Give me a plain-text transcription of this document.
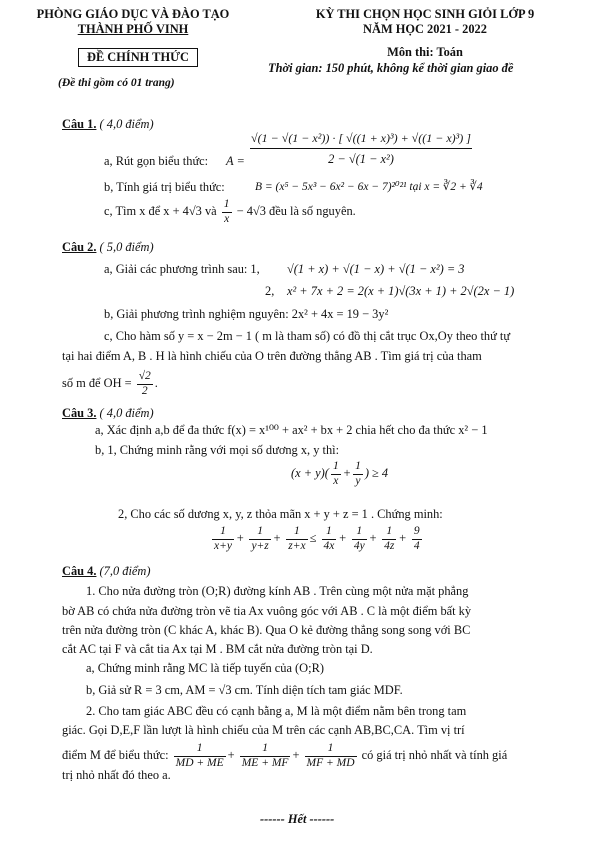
PHÒNG GIÁO DỤC VÀ ĐÀO TẠO
THÀNH PHỐ VINH
ĐỀ CHÍNH THỨC
(Đề thi gồm có 01 trang)
KỲ THI CHỌN HỌC SINH GIỎI LỚP 9
NĂM HỌC 2021 - 2022
Môn thi: Toán
Thời gian: 150 phút, không kể thời gian giao đề
Câu 1. ( 4,0 điểm)
a, Rút gọn biểu thức: $A = \frac{\text{√(1 − √(1 − x²)) · [ √((1 + x)³) + √((1 − x)³) ]}}{\text{2 − √(1 − x²)}}$
b, Tính giá trị biểu thức:	B = (x⁵ − 5x³ − 6x² − 6x − 7)²⁰²¹ tại x = ∛2 + ∛4
c, Tìm x để x + 4√3 và $\frac{1}{x} - 4√3$ đều là số nguyên.
Câu 2. ( 5,0 điểm)
a, Giải các phương trình sau: 1, √(1 + x) + √(1 − x) + √(1 − x²) = 3
2, x² + 7x + 2 = 2(x + 1)√(3x + 1) + 2√(2x − 1)
b, Giải phương trình nghiệm nguyên: 2x² + 4x = 19 − 3y²
c, Cho hàm số y = x − 2m − 1 ( m là tham số) có đồ thị cắt trục Ox,Oy theo thứ tự
tại hai điểm A, B . H là hình chiếu của O trên đường thẳng AB . Tìm giá trị của tham
số m để OH = $\frac{√2}{2}$ .
Câu 3. ( 4,0 điểm)
a, Xác định a,b để đa thức f(x) = x¹⁰⁰ + ax² + bx + 2 chia hết cho đa thức x² − 1
b, 1, Chứng minh rằng với mọi số dương x, y thì:
$(x + y)( \frac{1}{x} + \frac{1}{y}$ ) ≥ 4
2, Cho các số dương x, y, z thỏa mãn x + y + z = 1 . Chứng minh:
$\frac{1}{x+y} + \frac{1}{y+z} + \frac{1}{z+x} \le \frac{1}{4x} + \frac{1}{4y} + \frac{1}{4z} + \frac{9}{4}$
Câu 4. (7,0 điểm)
1. Cho nửa đường tròn (O;R) đường kính AB . Trên cùng một nửa mặt phẳng
bờ AB có chứa nửa đường tròn vẽ tia Ax vuông góc với AB . C là một điểm bất kỳ
trên nửa đường tròn (C khác A, khác B). Qua O kẻ đường thẳng song song với BC
cắt AC tại F và cắt tia Ax tại M . BM cắt nửa đường tròn tại D.
a, Chứng minh rằng MC là tiếp tuyến của (O;R)
b, Giả sử R = 3 cm, AM = √3 cm. Tính diện tích tam giác MDF.
2. Cho tam giác ABC đều có cạnh bằng a, M là một điểm nằm bên trong tam
giác. Gọi D,E,F lần lượt là hình chiếu của M trên các cạnh AB,BC,CA. Tìm vị trí
điểm M để biểu thức: $\frac{1}{MD + ME} + \frac{1}{ME + MF} + \frac{1}{MF + MD}$ có giá trị nhỏ nhất và tính giá
trị nhỏ nhất đó theo a.
------ Hết ------
